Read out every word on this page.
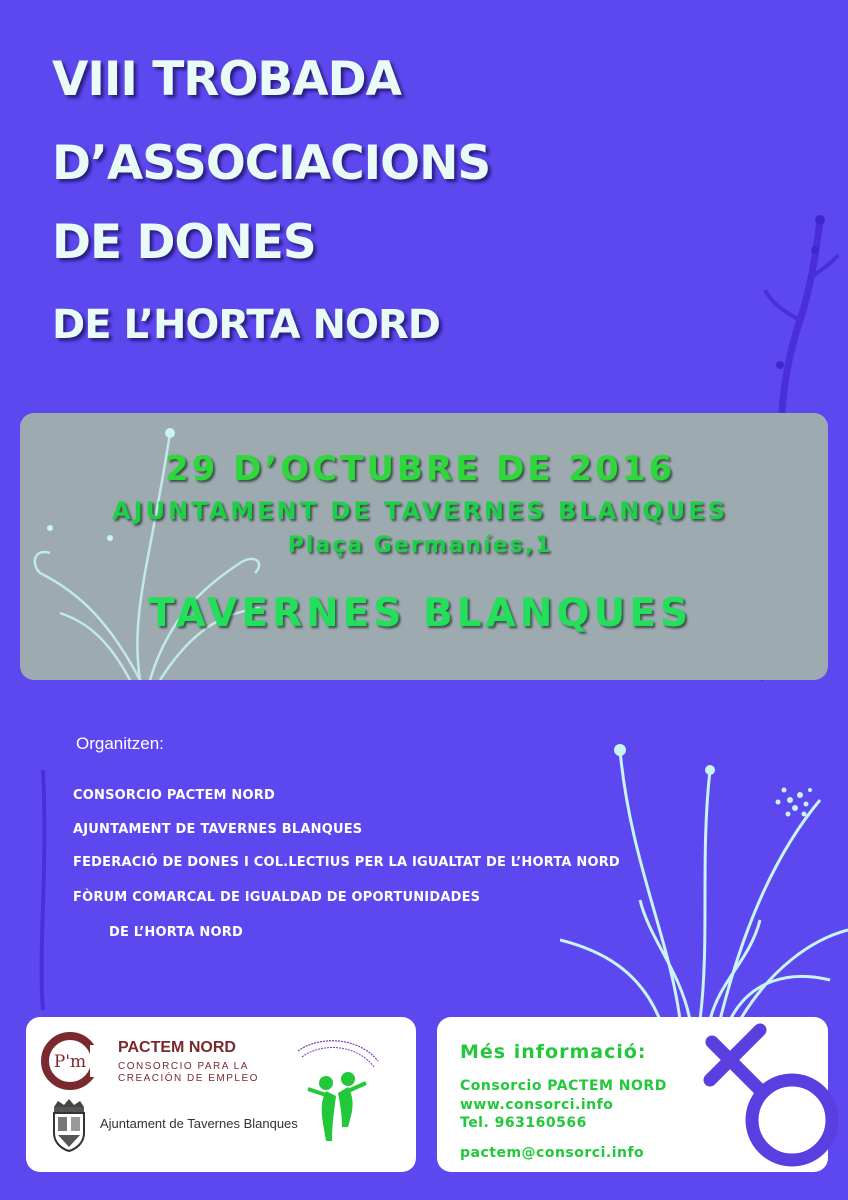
VIII TROBADA
D’ASSOCIACIONS
DE DONES
DE L’HORTA NORD
29 D’OCTUBRE DE 2016
AJUNTAMENT DE TAVERNES BLANQUES
Plaça Germaníes,1
TAVERNES BLANQUES

Organitzen:

CONSORCIO PACTEM NORD

AJUNTAMENT DE TAVERNES BLANQUES

FEDERACIÓ DE DONES I COL.LECTIUS PER LA IGUALTAT DE L’HORTA NORD

FÒRUM COMARCAL DE IGUALDAD DE OPORTUNIDADES

DE L’HORTA NORD

P'm

PACTEM NORD

CONSORCIO PARA LA CREACIÓN DE EMPLEO

Ajuntament de Tavernes Blanques

Més informació:

Consorcio PACTEM NORD

www.consorci.info

Tel. 963160566

pactem@consorci.info
